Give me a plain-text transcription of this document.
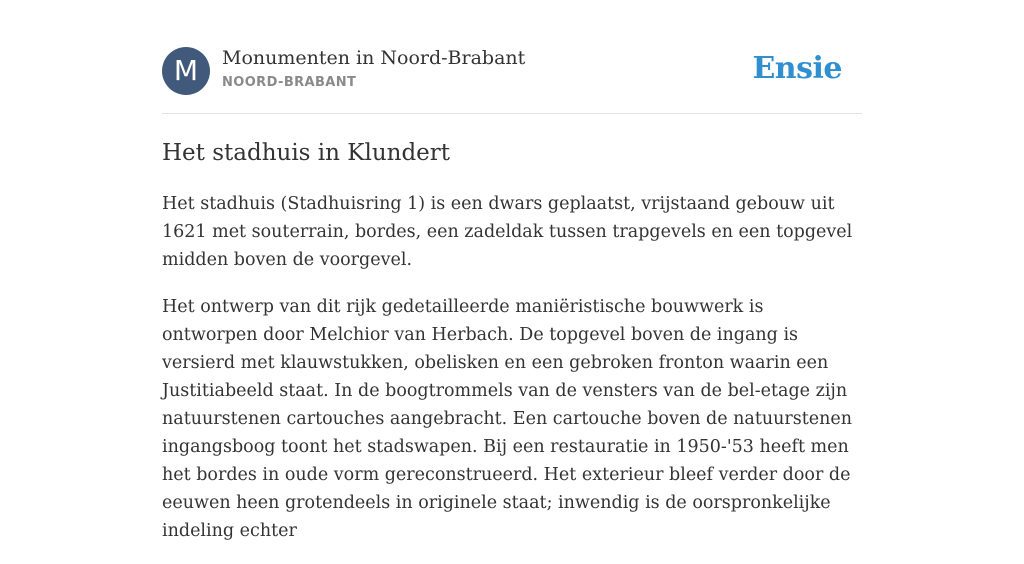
M	Monumenten in Noord-Brabant
NOORD-BRABANT	Ensie
Het stadhuis in Klundert

Het stadhuis (Stadhuisring 1) is een dwars geplaatst, vrijstaand gebouw uit 1621 met souterrain, bordes, een zadeldak tussen trapgevels en een topgevel midden boven de voorgevel.

Het ontwerp van dit rijk gedetailleerde maniëristische bouwwerk is ontworpen door Melchior van Herbach. De topgevel boven de ingang is versierd met klauwstukken, obelisken en een gebroken fronton waarin een Justitiabeeld staat. In de boogtrommels van de vensters van de bel-etage zijn natuurstenen cartouches aangebracht. Een cartouche boven de natuurstenen ingangsboog toont het stadswapen. Bij een restauratie in 1950-'53 heeft men het bordes in oude vorm gereconstrueerd. Het exterieur bleef verder door de eeuwen heen grotendeels in originele staat; inwendig is de oorspronkelijke indeling echter
